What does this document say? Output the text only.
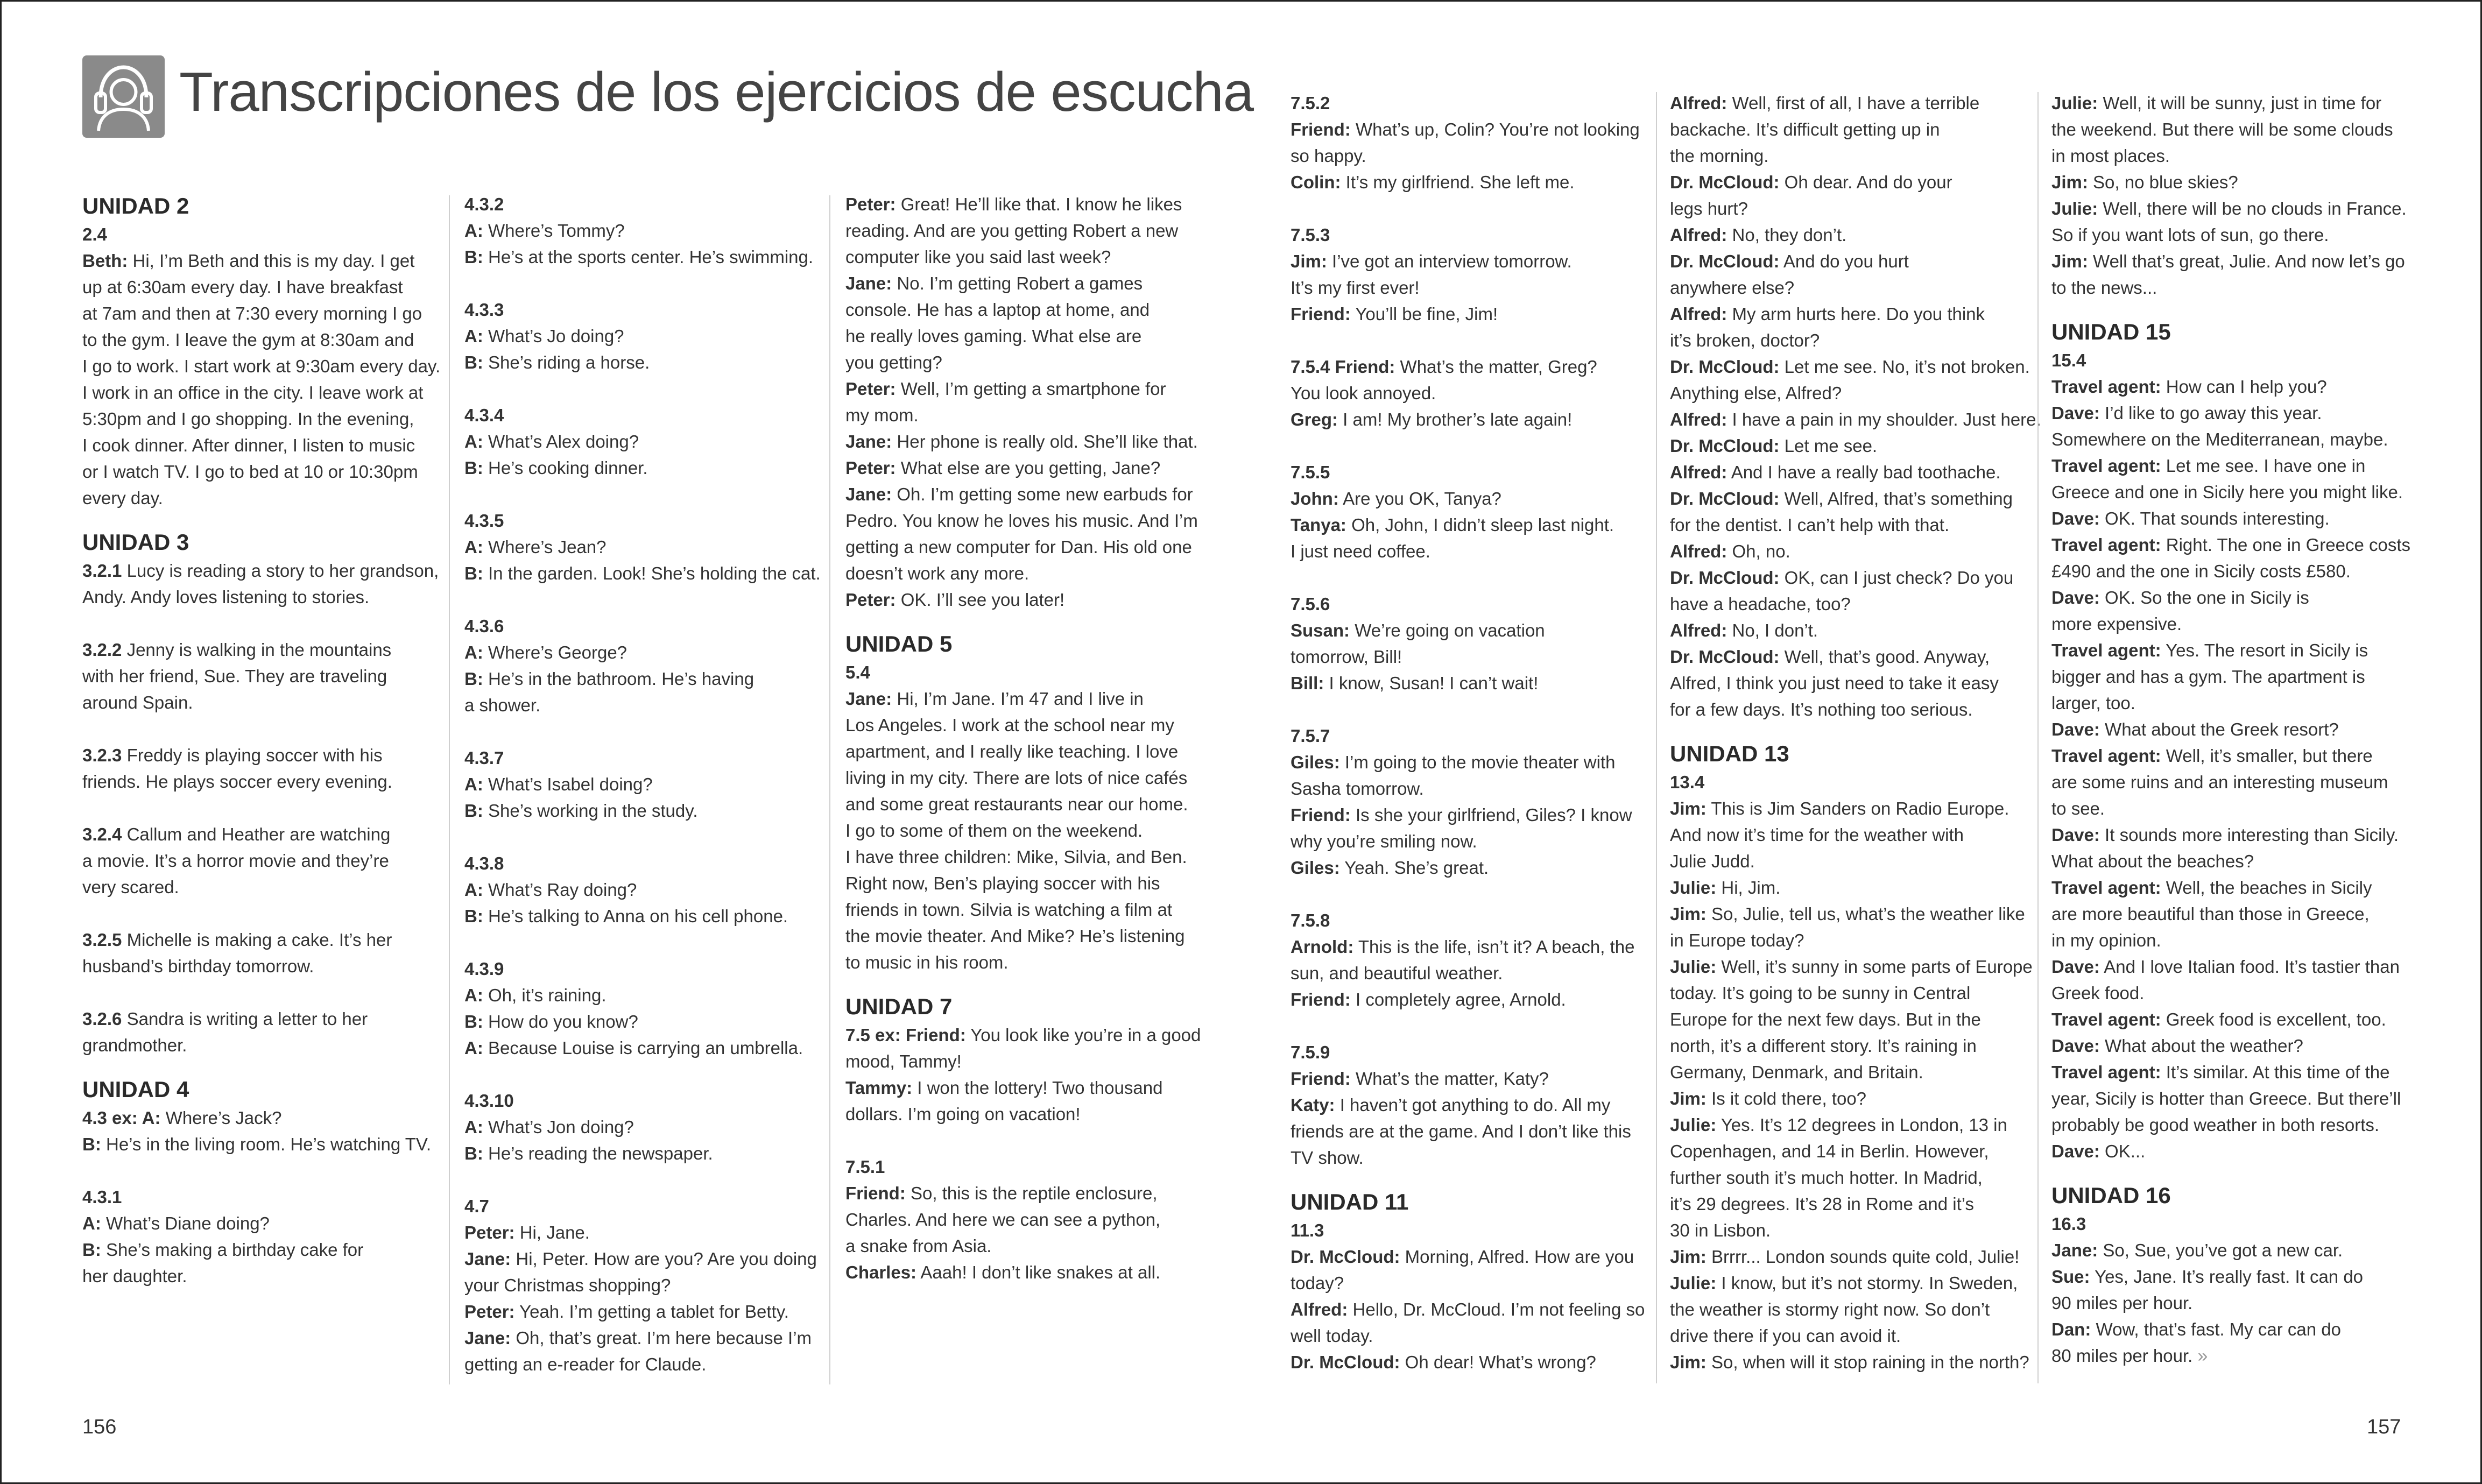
Transcripciones de los ejercicios de escucha
UNIDAD 2
2.4
Beth: Hi, I’m Beth and this is my day. I get
up at 6:30am every day. I have breakfast
at 7am and then at 7:30 every morning I go
to the gym. I leave the gym at 8:30am and
I go to work. I start work at 9:30am every day.
I work in an office in the city. I leave work at
5:30pm and I go shopping. In the evening,
I cook dinner. After dinner, I listen to music
or I watch TV. I go to bed at 10 or 10:30pm
every day.
UNIDAD 3
3.2.1 Lucy is reading a story to her grandson,
Andy. Andy loves listening to stories.
3.2.2 Jenny is walking in the mountains
with her friend, Sue. They are traveling
around Spain.
3.2.3 Freddy is playing soccer with his
friends. He plays soccer every evening.
3.2.4 Callum and Heather are watching
a movie. It’s a horror movie and they’re
very scared.
3.2.5 Michelle is making a cake. It’s her
husband’s birthday tomorrow.
3.2.6 Sandra is writing a letter to her
grandmother.
UNIDAD 4
4.3 ex: A: Where’s Jack?
B: He’s in the living room. He’s watching TV.
4.3.1
A: What’s Diane doing?
B: She’s making a birthday cake for
her daughter.
4.3.2
A: Where’s Tommy?
B: He’s at the sports center. He’s swimming.
4.3.3
A: What’s Jo doing?
B: She’s riding a horse.
4.3.4
A: What’s Alex doing?
B: He’s cooking dinner.
4.3.5
A: Where’s Jean?
B: In the garden. Look! She’s holding the cat.
4.3.6
A: Where’s George?
B: He’s in the bathroom. He’s having
a shower.
4.3.7
A: What’s Isabel doing?
B: She’s working in the study.
4.3.8
A: What’s Ray doing?
B: He’s talking to Anna on his cell phone.
4.3.9
A: Oh, it’s raining.
B: How do you know?
A: Because Louise is carrying an umbrella.
4.3.10
A: What’s Jon doing?
B: He’s reading the newspaper.
4.7
Peter: Hi, Jane.
Jane: Hi, Peter. How are you? Are you doing
your Christmas shopping?
Peter: Yeah. I’m getting a tablet for Betty.
Jane: Oh, that’s great. I’m here because I’m
getting an e-reader for Claude.
Peter: Great! He’ll like that. I know he likes
reading. And are you getting Robert a new
computer like you said last week?
Jane: No. I’m getting Robert a games
console. He has a laptop at home, and
he really loves gaming. What else are
you getting?
Peter: Well, I’m getting a smartphone for
my mom.
Jane: Her phone is really old. She’ll like that.
Peter: What else are you getting, Jane?
Jane: Oh. I’m getting some new earbuds for
Pedro. You know he loves his music. And I’m
getting a new computer for Dan. His old one
doesn’t work any more.
Peter: OK. I’ll see you later!
UNIDAD 5
5.4
Jane: Hi, I’m Jane. I’m 47 and I live in
Los Angeles. I work at the school near my
apartment, and I really like teaching. I love
living in my city. There are lots of nice cafés
and some great restaurants near our home.
I go to some of them on the weekend.
I have three children: Mike, Silvia, and Ben.
Right now, Ben’s playing soccer with his
friends in town. Silvia is watching a film at
the movie theater. And Mike? He’s listening
to music in his room.
UNIDAD 7
7.5 ex: Friend: You look like you’re in a good
mood, Tammy!
Tammy: I won the lottery! Two thousand
dollars. I’m going on vacation!
7.5.1
Friend: So, this is the reptile enclosure,
Charles. And here we can see a python,
a snake from Asia.
Charles: Aaah! I don’t like snakes at all.
7.5.2
Friend: What’s up, Colin? You’re not looking
so happy.
Colin: It’s my girlfriend. She left me.
7.5.3
Jim: I’ve got an interview tomorrow.
It’s my first ever!
Friend: You’ll be fine, Jim!
7.5.4 Friend: What’s the matter, Greg?
You look annoyed.
Greg: I am! My brother’s late again!
7.5.5
John: Are you OK, Tanya?
Tanya: Oh, John, I didn’t sleep last night.
I just need coffee.
7.5.6
Susan: We’re going on vacation
tomorrow, Bill!
Bill: I know, Susan! I can’t wait!
7.5.7
Giles: I’m going to the movie theater with
Sasha tomorrow.
Friend: Is she your girlfriend, Giles? I know
why you’re smiling now.
Giles: Yeah. She’s great.
7.5.8
Arnold: This is the life, isn’t it? A beach, the
sun, and beautiful weather.
Friend: I completely agree, Arnold.
7.5.9
Friend: What’s the matter, Katy?
Katy: I haven’t got anything to do. All my
friends are at the game. And I don’t like this
TV show.
UNIDAD 11
11.3
Dr. McCloud: Morning, Alfred. How are you
today?
Alfred: Hello, Dr. McCloud. I’m not feeling so
well today.
Dr. McCloud: Oh dear! What’s wrong?
Alfred: Well, first of all, I have a terrible
backache. It’s difficult getting up in
the morning.
Dr. McCloud: Oh dear. And do your
legs hurt?
Alfred: No, they don’t.
Dr. McCloud: And do you hurt
anywhere else?
Alfred: My arm hurts here. Do you think
it’s broken, doctor?
Dr. McCloud: Let me see. No, it’s not broken.
Anything else, Alfred?
Alfred: I have a pain in my shoulder. Just here.
Dr. McCloud: Let me see.
Alfred: And I have a really bad toothache.
Dr. McCloud: Well, Alfred, that’s something
for the dentist. I can’t help with that.
Alfred: Oh, no.
Dr. McCloud: OK, can I just check? Do you
have a headache, too?
Alfred: No, I don’t.
Dr. McCloud: Well, that’s good. Anyway,
Alfred, I think you just need to take it easy
for a few days. It’s nothing too serious.
UNIDAD 13
13.4
Jim: This is Jim Sanders on Radio Europe.
And now it’s time for the weather with
Julie Judd.
Julie: Hi, Jim.
Jim: So, Julie, tell us, what’s the weather like
in Europe today?
Julie: Well, it’s sunny in some parts of Europe
today. It’s going to be sunny in Central
Europe for the next few days. But in the
north, it’s a different story. It’s raining in
Germany, Denmark, and Britain.
Jim: Is it cold there, too?
Julie: Yes. It’s 12 degrees in London, 13 in
Copenhagen, and 14 in Berlin. However,
further south it’s much hotter. In Madrid,
it’s 29 degrees. It’s 28 in Rome and it’s
30 in Lisbon.
Jim: Brrrr... London sounds quite cold, Julie!
Julie: I know, but it’s not stormy. In Sweden,
the weather is stormy right now. So don’t
drive there if you can avoid it.
Jim: So, when will it stop raining in the north?
Julie: Well, it will be sunny, just in time for
the weekend. But there will be some clouds
in most places.
Jim: So, no blue skies?
Julie: Well, there will be no clouds in France.
So if you want lots of sun, go there.
Jim: Well that’s great, Julie. And now let’s go
to the news...
UNIDAD 15
15.4
Travel agent: How can I help you?
Dave: I’d like to go away this year.
Somewhere on the Mediterranean, maybe.
Travel agent: Let me see. I have one in
Greece and one in Sicily here you might like.
Dave: OK. That sounds interesting.
Travel agent: Right. The one in Greece costs
£490 and the one in Sicily costs £580.
Dave: OK. So the one in Sicily is
more expensive.
Travel agent: Yes. The resort in Sicily is
bigger and has a gym. The apartment is
larger, too.
Dave: What about the Greek resort?
Travel agent: Well, it’s smaller, but there
are some ruins and an interesting museum
to see.
Dave: It sounds more interesting than Sicily.
What about the beaches?
Travel agent: Well, the beaches in Sicily
are more beautiful than those in Greece,
in my opinion.
Dave: And I love Italian food. It’s tastier than
Greek food.
Travel agent: Greek food is excellent, too.
Dave: What about the weather?
Travel agent: It’s similar. At this time of the
year, Sicily is hotter than Greece. But there’ll
probably be good weather in both resorts.
Dave: OK...
UNIDAD 16
16.3
Jane: So, Sue, you’ve got a new car.
Sue: Yes, Jane. It’s really fast. It can do
90 miles per hour.
Dan: Wow, that’s fast. My car can do
80 miles per hour. »
156	157
